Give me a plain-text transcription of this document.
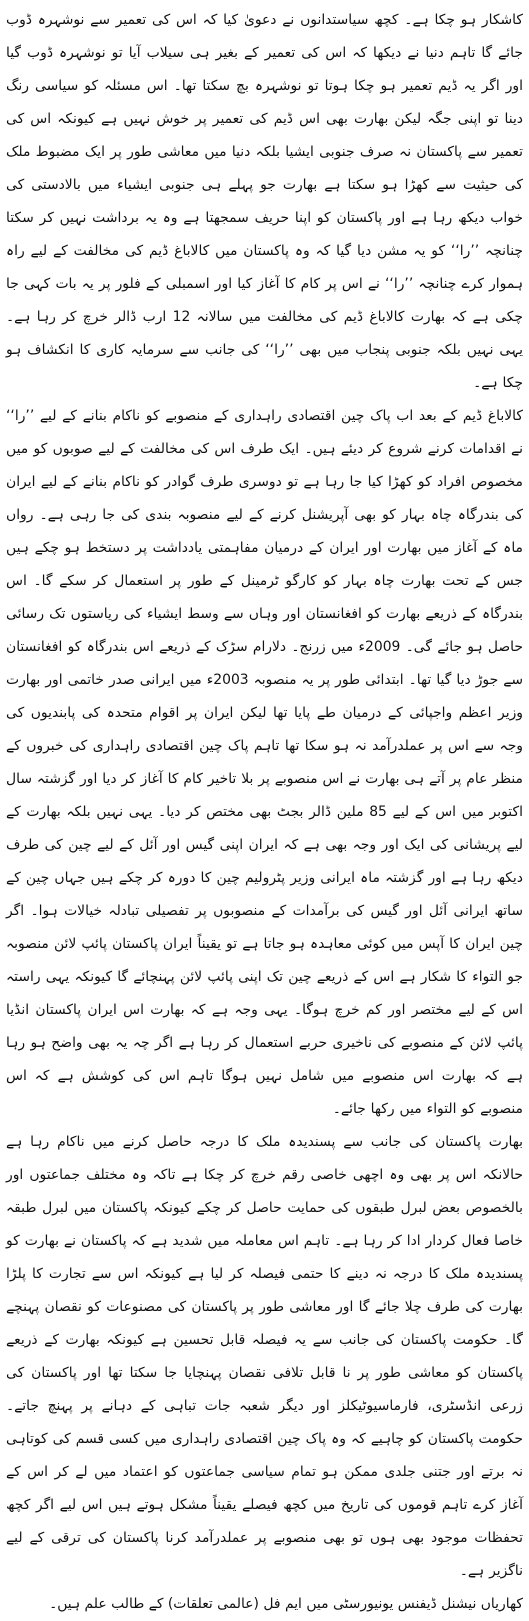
کاشکار ہو چکا ہے۔ کچھ سیاستدانوں نے دعویٰ کیا کہ اس کی تعمیر سے نوشہرہ ڈوب جائے گا تاہم دنیا نے دیکھا کہ اس کی تعمیر کے بغیر ہی سیلاب آیا تو نوشہرہ ڈوب گیا اور اگر یہ ڈیم تعمیر ہو چکا ہوتا تو نوشہرہ بچ سکتا تھا۔ اس مسئلہ کو سیاسی رنگ دینا تو اپنی جگہ لیکن بھارت بھی اس ڈیم کی تعمیر پر خوش نہیں ہے کیونکہ اس کی تعمیر سے پاکستان نہ صرف جنوبی ایشیا بلکہ دنیا میں معاشی طور پر ایک مضبوط ملک کی حیثیت سے کھڑا ہو سکتا ہے بھارت جو پہلے ہی جنوبی ایشیاء میں بالادستی کی خواب دیکھ رہا ہے اور پاکستان کو اپنا حریف سمجھتا ہے وہ یہ برداشت نہیں کر سکتا چنانچہ ’’را‘‘ کو یہ مشن دیا گیا کہ وہ پاکستان میں کالاباغ ڈیم کی مخالفت کے لیے راہ ہموار کرے چنانچہ ’’را‘‘ نے اس پر کام کا آغاز کیا اور اسمبلی کے فلور پر یہ بات کہی جا چکی ہے کہ بھارت کالاباغ ڈیم کی مخالفت میں سالانہ 12 ارب ڈالر خرچ کر رہا ہے۔ یہی نہیں بلکہ جنوبی پنجاب میں بھی ’’را‘‘ کی جانب سے سرمایہ کاری کا انکشاف ہو چکا ہے۔

کالاباغ ڈیم کے بعد اب پاک چین اقتصادی راہداری کے منصوبے کو ناکام بنانے کے لیے ’’را‘‘ نے اقدامات کرنے شروع کر دیئے ہیں۔ ایک طرف اس کی مخالفت کے لیے صوبوں کو میں مخصوص افراد کو کھڑا کیا جا رہا ہے تو دوسری طرف گوادر کو ناکام بنانے کے لیے ایران کی بندرگاہ چاہ بہار کو بھی آپریشنل کرنے کے لیے منصوبہ بندی کی جا رہی ہے۔ رواں ماہ کے آغاز میں بھارت اور ایران کے درمیان مفاہمتی یادداشت پر دستخط ہو چکے ہیں جس کے تحت بھارت چاہ بہار کو کارگو ٹرمینل کے طور پر استعمال کر سکے گا۔ اس بندرگاہ کے ذریعے بھارت کو افغانستان اور وہاں سے وسط ایشیاء کی ریاستوں تک رسائی حاصل ہو جائے گی۔ 2009ء میں زرنج۔ دلارام سڑک کے ذریعے اس بندرگاہ کو افغانستان سے جوڑ دیا گیا تھا۔ ابتدائی طور پر یہ منصوبہ 2003ء میں ایرانی صدر خاتمی اور بھارت وزیر اعظم واجپائی کے درمیان طے پایا تھا لیکن ایران پر اقوام متحدہ کی پابندیوں کی وجہ سے اس پر عملدرآمد نہ ہو سکا تھا تاہم پاک چین اقتصادی راہداری کی خبروں کے منظر عام پر آتے ہی بھارت نے اس منصوبے پر بلا تاخیر کام کا آغاز کر دیا اور گزشتہ سال اکتوبر میں اس کے لیے 85 ملین ڈالر بجٹ بھی مختص کر دیا۔ یہی نہیں بلکہ بھارت کے لیے پریشانی کی ایک اور وجہ بھی ہے کہ ایران اپنی گیس اور آئل کے لیے چین کی طرف دیکھ رہا ہے اور گزشتہ ماہ ایرانی وزیر پٹرولیم چین کا دورہ کر چکے ہیں جہاں چین کے ساتھ ایرانی آئل اور گیس کی برآمدات کے منصوبوں پر تفصیلی تبادلہ خیالات ہوا۔ اگر چین ایران کا آپس میں کوئی معاہدہ ہو جاتا ہے تو یقیناً ایران پاکستان پائپ لائن منصوبہ جو التواء کا شکار ہے اس کے ذریعے چین تک اپنی پائپ لائن پہنچائے گا کیونکہ یہی راستہ اس کے لیے مختصر اور کم خرچ ہوگا۔ یہی وجہ ہے کہ بھارت اس ایران پاکستان انڈیا پائپ لائن کے منصوبے کی ناخیری حربے استعمال کر رہا ہے اگر چہ یہ بھی واضح ہو رہا ہے کہ بھارت اس منصوبے میں شامل نہیں ہوگا تاہم اس کی کوشش ہے کہ اس منصوبے کو التواء میں رکھا جائے۔

بھارت پاکستان کی جانب سے پسندیدہ ملک کا درجہ حاصل کرنے میں ناکام رہا ہے حالانکہ اس پر بھی وہ اچھی خاصی رقم خرچ کر چکا ہے تاکہ وہ مختلف جماعتوں اور بالخصوص بعض لبرل طبقوں کی حمایت حاصل کر چکے کیونکہ پاکستان میں لبرل طبقہ خاصا فعال کردار ادا کر رہا ہے۔ تاہم اس معاملہ میں شدید ہے کہ پاکستان نے بھارت کو پسندیدہ ملک کا درجہ نہ دینے کا حتمی فیصلہ کر لیا ہے کیونکہ اس سے تجارت کا پلڑا بھارت کی طرف چلا جائے گا اور معاشی طور پر پاکستان کی مصنوعات کو نقصان پہنچے گا۔ حکومت پاکستان کی جانب سے یہ فیصلہ قابل تحسین ہے کیونکہ بھارت کے ذریعے پاکستان کو معاشی طور پر نا قابل تلافی نقصان پہنچایا جا سکتا تھا اور پاکستان کی زرعی انڈسٹری، فارماسیوٹیکلز اور دیگر شعبہ جات تباہی کے دہانے پر پہنچ جاتے۔ حکومت پاکستان کو چاہیے کہ وہ پاک چین اقتصادی راہداری میں کسی قسم کی کوتاہی نہ برتے اور جتنی جلدی ممکن ہو تمام سیاسی جماعتوں کو اعتماد میں لے کر اس کے آغاز کرے تاہم قوموں کی تاریخ میں کچھ فیصلے یقیناً مشکل ہوتے ہیں اس لیے اگر کچھ تحفظات موجود بھی ہوں تو بھی منصوبے پر عملدرآمد کرنا پاکستان کی ترقی کے لیے ناگزیر ہے۔

کھاریاں نیشنل ڈیفنس یونیورسٹی میں ایم فل (عالمی تعلقات) کے طالب علم ہیں۔
